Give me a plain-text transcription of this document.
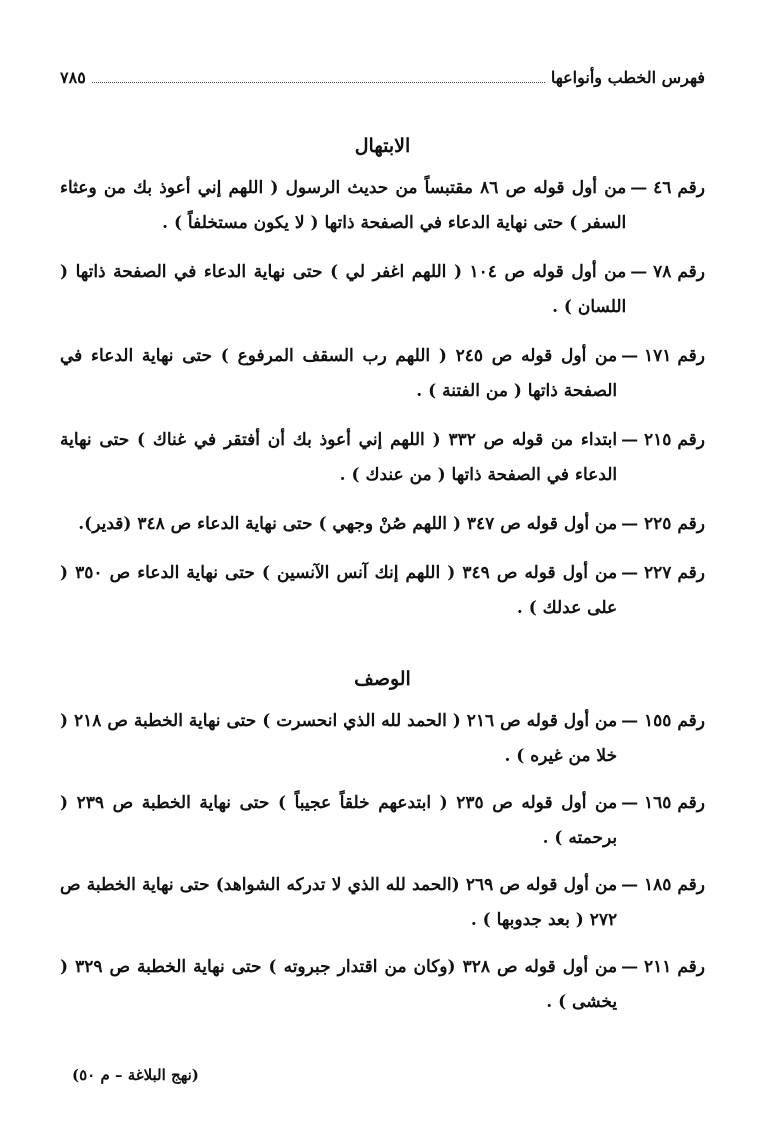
فهرس الخطب وأنواعها
٧٨٥
الابتهال
رقم ٤٦ —
من أول قوله ص ٨٦ مقتبساً من حديث الرسول ( اللهم إني أعوذ بك من وعثاء السفر ) حتى نهاية الدعاء في الصفحة ذاتها ( لا يكون مستخلفاً ) .
رقم ٧٨ —
من أول قوله ص ١٠٤ ( اللهم اغفر لي ) حتى نهاية الدعاء في الصفحة ذاتها ( اللسان ) .
رقم ١٧١ —
من أول قوله ص ٢٤٥ ( اللهم رب السقف المرفوع ) حتى نهاية الدعاء في الصفحة ذاتها ( من الفتنة ) .
رقم ٢١٥ —
ابتداء من قوله ص ٣٣٢ ( اللهم إني أعوذ بك أن أفتقر في غناك ) حتى نهاية الدعاء في الصفحة ذاتها ( من عندك ) .
رقم ٢٢٥ —
من أول قوله ص ٣٤٧ ( اللهم صُنْ وجهي ) حتى نهاية الدعاء ص ٣٤٨ (قدير).
رقم ٢٢٧ —
من أول قوله ص ٣٤٩ ( اللهم إنك آنس الآنسين ) حتى نهاية الدعاء ص ٣٥٠ ( على عدلك ) .
الوصف
رقم ١٥٥ —
من أول قوله ص ٢١٦ ( الحمد لله الذي انحسرت ) حتى نهاية الخطبة ص ٢١٨ ( خلا من غيره ) .
رقم ١٦٥ —
من أول قوله ص ٢٣٥ ( ابتدعهم خلقاً عجيباً ) حتى نهاية الخطبة ص ٢٣٩ ( برحمته ) .
رقم ١٨٥ —
من أول قوله ص ٢٦٩ (الحمد لله الذي لا تدركه الشواهد) حتى نهاية الخطبة ص ٢٧٢ ( بعد جدوبها ) .
رقم ٢١١ —
من أول قوله ص ٣٢٨ (وكان من اقتدار جبروته ) حتى نهاية الخطبة ص ٣٢٩ ( يخشى ) .
(نهج البلاغة – م ٥٠)
